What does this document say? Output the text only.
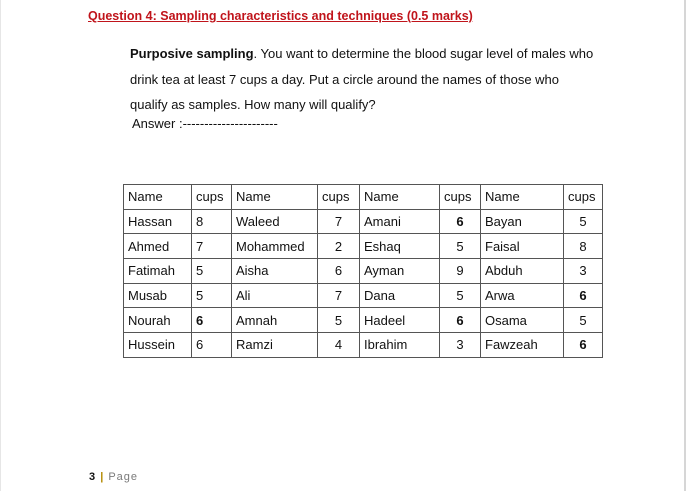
Question 4: Sampling characteristics and techniques (0.5 marks)
Purposive sampling. You want to determine the blood sugar level of males who drink tea at least 7 cups a day. Put a circle around the names of those who qualify as samples. How many will qualify?
Answer :----------------------
Name	cups	Name	cups	Name	cups	Name	cups
Hassan	8	Waleed	7	Amani	6	Bayan	5
Ahmed	7	Mohammed	2	Eshaq	5	Faisal	8
Fatimah	5	Aisha	6	Ayman	9	Abduh	3
Musab	5	Ali	7	Dana	5	Arwa	6
Nourah	6	Amnah	5	Hadeel	6	Osama	5
Hussein	6	Ramzi	4	Ibrahim	3	Fawzeah	6
3 | Page
